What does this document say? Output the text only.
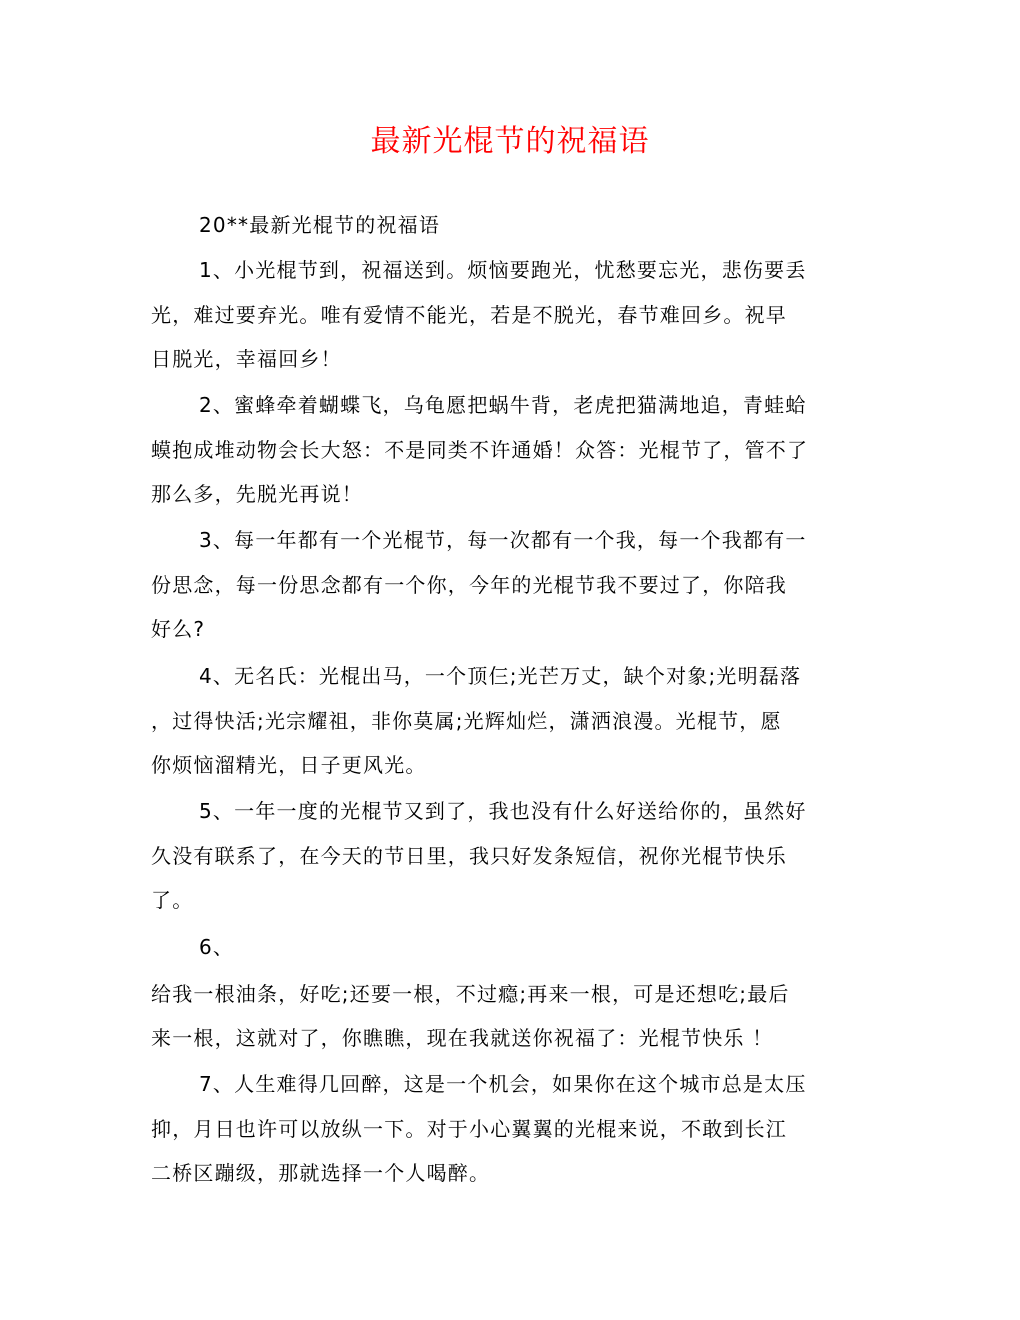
最新光棍节的祝福语
20**最新光棍节的祝福语
1、小光棍节到，祝福送到。烦恼要跑光，忧愁要忘光，悲伤要丢
光，难过要弃光。唯有爱情不能光，若是不脱光，春节难回乡。祝早
日脱光，幸福回乡！
2、蜜蜂牵着蝴蝶飞，乌龟愿把蜗牛背，老虎把猫满地追，青蛙蛤
蟆抱成堆动物会长大怒：不是同类不许通婚！众答：光棍节了，管不了
那么多，先脱光再说！
3、每一年都有一个光棍节，每一次都有一个我，每一个我都有一
份思念，每一份思念都有一个你，今年的光棍节我不要过了，你陪我
好么?
4、无名氏：光棍出马，一个顶仨;光芒万丈，缺个对象;光明磊落
，过得快活;光宗耀祖，非你莫属;光辉灿烂，潇洒浪漫。光棍节，愿
你烦恼溜精光，日子更风光。
5、一年一度的光棍节又到了，我也没有什么好送给你的，虽然好
久没有联系了，在今天的节日里，我只好发条短信，祝你光棍节快乐
了。
6、
给我一根油条，好吃;还要一根，不过瘾;再来一根，可是还想吃;最后
来一根，这就对了，你瞧瞧，现在我就送你祝福了：光棍节快乐 ！
7、人生难得几回醉，这是一个机会，如果你在这个城市总是太压
抑，月日也许可以放纵一下。对于小心翼翼的光棍来说，不敢到长江
二桥区蹦级，那就选择一个人喝醉。
